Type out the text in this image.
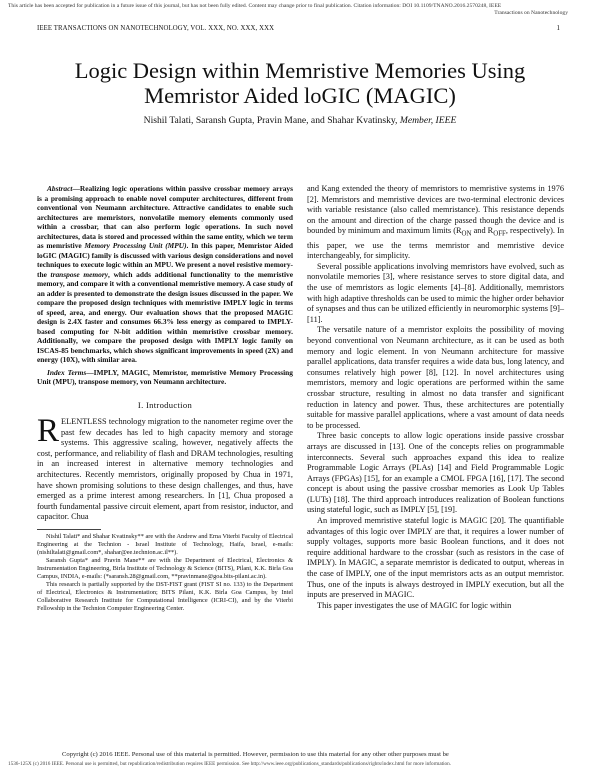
This article has been accepted for publication in a future issue of this journal, but has not been fully edited. Content may change prior to final publication. Citation information: DOI 10.1109/TNANO.2016.2570248, IEEE
Transactions on Nanotechnology
IEEE TRANSACTIONS ON NANOTECHNOLOGY, VOL. XXX, NO. XXX, XXX	1
Logic Design within Memristive Memories Using
Memristor Aided loGIC (MAGIC)
Nishil Talati, Saransh Gupta, Pravin Mane, and Shahar Kvatinsky, Member, IEEE

Abstract—Realizing logic operations within passive crossbar memory arrays is a promising approach to enable novel computer architectures, different from conventional von Neumann architecture. Attractive candidates to enable such architectures are memristors, nonvolatile memory elements commonly used within a crossbar, that can also perform logic operations. In such novel architectures, data is stored and processed within the same entity, which we term as memristive Memory Processing Unit (MPU). In this paper, Memristor Aided loGIC (MAGIC) family is discussed with various design considerations and novel techniques to execute logic within an MPU. We present a novel resistive memory- the transpose memory, which adds additional functionality to the memristive memory, and compare it with a conventional memristive memory. A case study of an adder is presented to demonstrate the design issues discussed in the paper. We compare the proposed design techniques with memristive IMPLY logic in terms of speed, area, and energy. Our evaluation shows that the proposed MAGIC design is 2.4X faster and consumes 66.3% less energy as compared to IMPLY-based computing for N-bit addition within memristive crossbar memory. Additionally, we compare the proposed design with IMPLY logic family on ISCAS-85 benchmarks, which shows significant improvements in speed (2X) and energy (10X), with similar area.

Index Terms—IMPLY, MAGIC, Memristor, memristive Memory Processing Unit (MPU), transpose memory, von Neumann architecture.

I. Introduction

RELENTLESS technology migration to the nanometer regime over the past few decades has led to high capacity memory and storage systems. This aggressive scaling, however, negatively affects the cost, performance, and reliability of flash and DRAM technologies, resulting in an increased interest in alternative memory technologies and architectures. Recently memristors, originally proposed by Chua in 1971, have shown promising solutions to these design challenges, and thus, have emerged as a prime interest among researchers. In [1], Chua proposed a fourth fundamental passive circuit element, apart from resistor, inductor, and capacitor. Chua

Nishil Talati* and Shahar Kvatinsky** are with the Andrew and Erna Viterbi Faculty of Electrical Engineering at the Technion - Israel Institute of Technology, Haifa, Israel, e-mails: (nishiltalati@gmail.com*, shahar@ee.technion.ac.il**).

Saransh Gupta* and Pravin Mane** are with the Department of Electrical, Electronics & Instrumentation Engineering, Birla Institute of Technology & Science (BITS), Pilani, K.K. Birla Goa Campus, INDIA, e-mails: (*saransh.28@gmail.com, **pravinmane@goa.bits-pilani.ac.in).

This research is partially supported by the DST-FIST grant (FIST SI no. 133) to the Department of Electrical, Electronics & Instrumentation; BITS Pilani, K.K. Birla Goa Campus, by Intel Collaborative Research Institute for Computational Intelligence (ICRI-CI), and by the Viterbi Fellowship in the Technion Computer Engineering Center.

and Kang extended the theory of memristors to memristive systems in 1976 [2]. Memristors and memristive devices are two-terminal electronic devices with variable resistance (also called memristance). This resistance depends on the amount and direction of the charge passed though the device and is bounded by minimum and maximum limits ($R_{ON}$ and $R_{OFF}$, respectively). In this paper, we use the terms memristor and memristive device interchangeably, for simplicity.

Several possible applications involving memristors have evolved, such as nonvolatile memories [3], where resistance serves to store digital data, and the use of memristors as logic elements [4]–[8]. Additionally, memristors with high adaptive thresholds can be used to mimic the higher order behavior of synapses and thus can be utilized efficiently in neuromorphic systems [9]–[11].

The versatile nature of a memristor exploits the possibility of moving beyond conventional von Neumann architecture, as it can be used as both memory and logic element. In von Neumann architecture for massive parallel applications, data transfer requires a wide data bus, long latency, and consumes relatively high power [8], [12]. In novel architectures using memristors, memory and logic operations are performed within the same crossbar structure, resulting in almost no data transfer and significant reduction in latency and power. Thus, these architectures are potentially suitable for massive parallel applications, where a vast amount of data needs to be processed.

Three basic concepts to allow logic operations inside passive crossbar arrays are discussed in [13]. One of the concepts relies on programmable interconnects. Several such approaches expand this idea to realize Programmable Logic Arrays (PLAs) [14] and Field Programmable Logic Arrays (FPGAs) [15], for an example a CMOL FPGA [16], [17]. The second concept is about using the passive crossbar memories as Look Up Tables (LUTs) [18]. The third approach introduces realization of Boolean functions using stateful logic, such as IMPLY [5], [19].

An improved memristive stateful logic is MAGIC [20]. The quantifiable advantages of this logic over IMPLY are that, it requires a lower number of supply voltages, supports more basic Boolean functions, and it does not require additional hardware to the crossbar (such as resistors in the case of IMPLY). In MAGIC, a separate memristor is dedicated to output, whereas in the case of IMPLY, one of the input memristors acts as an output memristor. Thus, one of the inputs is always destroyed in IMPLY execution, but all the inputs are preserved in MAGIC.

This paper investigates the use of MAGIC for logic within

Copyright (c) 2016 IEEE. Personal use of this material is permitted. However, permission to use this material for any other other purposes must be
1536-125X (c) 2016 IEEE. Personal use is permitted, but republication/redistribution requires IEEE permission. See http://www.ieee.org/publications_standards/publications/rights/index.html for more information.
